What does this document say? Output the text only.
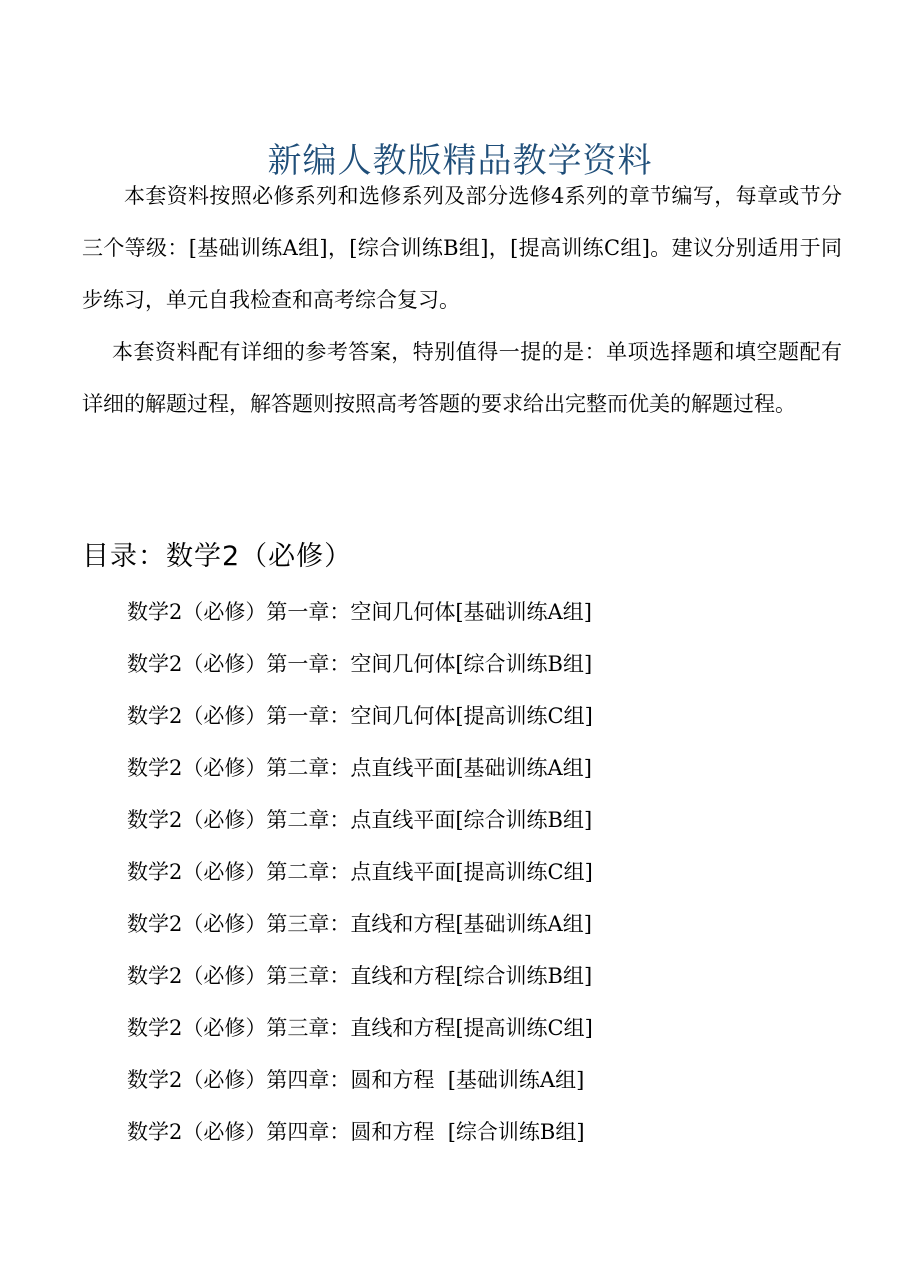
新编人教版精品教学资料

本套资料按照必修系列和选修系列及部分选修4系列的章节编写，每章或节分三个等级：[基础训练A组]，[综合训练B组]，[提高训练C组]。建议分别适用于同步练习，单元自我检查和高考综合复习。

本套资料配有详细的参考答案，特别值得一提的是：单项选择题和填空题配有详细的解题过程，解答题则按照高考答题的要求给出完整而优美的解题过程。

目录：数学2（必修）
数学2（必修）第一章：空间几何体[基础训练A组]
数学2（必修）第一章：空间几何体[综合训练B组]
数学2（必修）第一章：空间几何体[提高训练C组]
数学2（必修）第二章：点直线平面[基础训练A组]
数学2（必修）第二章：点直线平面[综合训练B组]
数学2（必修）第二章：点直线平面[提高训练C组]
数学2（必修）第三章：直线和方程[基础训练A组]
数学2（必修）第三章：直线和方程[综合训练B组]
数学2（必修）第三章：直线和方程[提高训练C组]
数学2（必修）第四章：圆和方程  [基础训练A组]
数学2（必修）第四章：圆和方程  [综合训练B组]
